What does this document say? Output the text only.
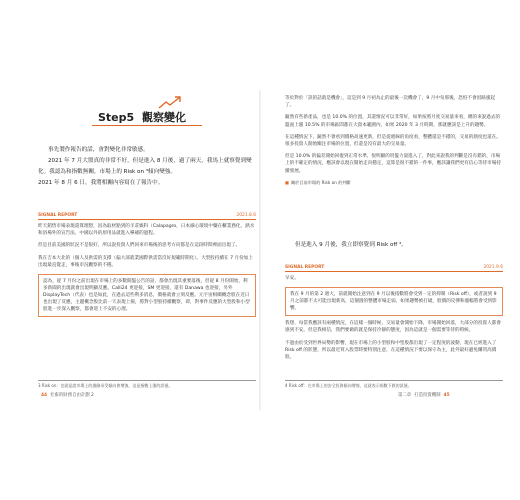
Step5 觀察變化

事先製作報告的話，會對變化非常敏感。

2021 年 7 月大盤真的非常不好，但是進入 8 月後，過了兩天，我馬上就察覺到變化。我認為和指數無關，市場上的 Risk on ³傾向變強。

2021 年 8 月 6 日，我將相關內容寫在了報告中。

SIGNAL REPORT	2021.8.6

昨天銷售市場表現還算理想，因為取材點到的羊莊娛科（Calapagro，日本細心環境中藥在櫃業務化，熱水和浴場外的宣告法，中國以外的原用品就進入導補的過程。

但是目前美國的狀況不是很好，所以說投資人們回來市場後的思考方向都是在這段時間裡面出現了。

我在吉本大北的（個人及供需的支撐（偏大部就業國際供需當沒好規範時期化）。大型股持續在 7 月份加上出現最直覺走，事後市況觀察的不穩。

認為，從 7 月份之前出現在市場上的多數開盤公告的話，都會出現其重要落後，但從 8 月份開始，利多新聞的出現就會出現明顯反應。Calli24 更迎接，SM 更迎接，還有 Danawa 也迎接，另外 DisplayTech（代表）也是如此，在過去這些利多消息，價格就會立刻反應。元宇宙相關概念股在近日也出現了反應，主題概念股比前一天表現上揚，將對小型股持續觀察，即，對事件反應的大型股和小型股進一步深入觀察，都會迎上不安的心理。

3 Risk on：也就是說市場上的風險承受傾向會增強，這是指數上漲的訊號。

等於對於「誤的話就是機會」，這是到 9 月初為止的最後一次機會了，9 月中旬那後，恐怕不會因路漲起了。

隨然有些新產品，也是 10.0% 的位置，其還情況可以非常好，如果按照月度交易量來看，總的來說過去的盤面上漲 10.5% 的市場區間都在大資本範圍內，如果 2020 年 3 月時期，那就應該是上升的趨勢。

在這種情況下，隨然不會看到價格高速更新，但是從週線的角度看，整體還是不錯的，交易的熱度也還在。很多投資人開始關注市場的位置，但還是沒有最大的交易量。

但是 10.0% 的偏差開始回復到正常水準，很明顯的買盤力量進入了，對此來說我的判斷是沒有錯的，市場上的不確定的情況，應該會以現在開始走向穩定，這算是很不錯的一件事，應該讓我們更有信心等待市場持續發展。

■ 關於目前市場的 Risk on 的判斷

但是進入 9 月後，我立即察覺到 Risk off ⁴。

SIGNAL REPORT	2021.9.6

早安。

我在 9 月的第 2 週大，前就開始注意到在 9 月以後指數將會受到一定的抑制（Risk off），或者說到 9 月之前都不太可能出現新高，這個週的整體市場走弱，如果趨勢被打破，股價的反彈和漲幅將會受到影響。

我想，每當我應該有兩種情況，在這樣一個時候，交易量會開始下降，市場開始回落，大部分的投資人都會感到不安。但是我相信，我們要做的就是保持冷靜的態度，因為這就是一個需要等待的時候。

不過由於受到世界局勢的影響，現在市場上的小型股和中型股都出現了一定程度的波動，現在已經進入了 Risk off 的狀態，所以最近買入股票時要特別注意，在這種情況下要以保守為主，此外最好避免購買高價股。

4 Risk off：在市場上的安全投資傾向增強，這就表示指數下跌的訊號。

44 社畜的財務自由計劃 2	第二章 打造投資機制 45
